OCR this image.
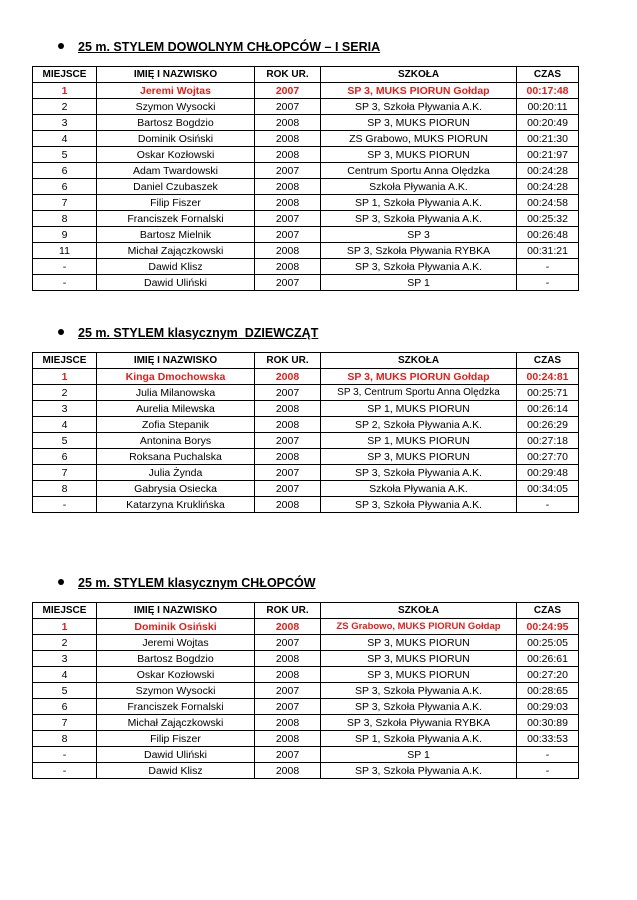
25 m. STYLEM DOWOLNYM CHŁOPCÓW – I SERIA
MIEJSCE	IMIĘ I NAZWISKO	ROK UR.	SZKOŁA	CZAS
1	Jeremi Wojtas	2007	SP 3, MUKS PIORUN Gołdap	00:17:48
2	Szymon Wysocki	2007	SP 3, Szkoła Pływania A.K.	00:20:11
3	Bartosz Bogdzio	2008	SP 3, MUKS PIORUN	00:20:49
4	Dominik Osiński	2008	ZS Grabowo, MUKS PIORUN	00:21:30
5	Oskar Kozłowski	2008	SP 3, MUKS PIORUN	00:21:97
6	Adam Twardowski	2007	Centrum Sportu Anna Olędzka	00:24:28
6	Daniel Czubaszek	2008	Szkoła Pływania A.K.	00:24:28
7	Filip Fiszer	2008	SP 1, Szkoła Pływania A.K.	00:24:58
8	Franciszek Fornalski	2007	SP 3, Szkoła Pływania A.K.	00:25:32
9	Bartosz Mielnik	2007	SP 3	00:26:48
11	Michał Zajączkowski	2008	SP 3, Szkoła Pływania RYBKA	00:31:21
-	Dawid Klisz	2008	SP 3, Szkoła Pływania A.K.	-
-	Dawid Uliński	2007	SP 1	-
25 m. STYLEM klasycznym  DZIEWCZĄT
MIEJSCE	IMIĘ I NAZWISKO	ROK UR.	SZKOŁA	CZAS
1	Kinga Dmochowska	2008	SP 3, MUKS PIORUN Gołdap	00:24:81
2	Julia Milanowska	2007	SP 3, Centrum Sportu Anna Olędzka	00:25:71
3	Aurelia Milewska	2008	SP 1, MUKS PIORUN	00:26:14
4	Zofia Stepanik	2008	SP 2, Szkoła Pływania A.K.	00:26:29
5	Antonina Borys	2007	SP 1, MUKS PIORUN	00:27:18
6	Roksana Puchalska	2008	SP 3, MUKS PIORUN	00:27:70
7	Julia Żynda	2007	SP 3, Szkoła Pływania A.K.	00:29:48
8	Gabrysia Osiecka	2007	Szkoła Pływania A.K.	00:34:05
-	Katarzyna Kruklińska	2008	SP 3, Szkoła Pływania A.K.	-
25 m. STYLEM klasycznym CHŁOPCÓW
MIEJSCE	IMIĘ I NAZWISKO	ROK UR.	SZKOŁA	CZAS
1	Dominik Osiński	2008	ZS Grabowo, MUKS PIORUN Gołdap	00:24:95
2	Jeremi Wojtas	2007	SP 3, MUKS PIORUN	00:25:05
3	Bartosz Bogdzio	2008	SP 3, MUKS PIORUN	00:26:61
4	Oskar Kozłowski	2008	SP 3, MUKS PIORUN	00:27:20
5	Szymon Wysocki	2007	SP 3, Szkoła Pływania A.K.	00:28:65
6	Franciszek Fornalski	2007	SP 3, Szkoła Pływania A.K.	00:29:03
7	Michał Zajączkowski	2008	SP 3, Szkoła Pływania RYBKA	00:30:89
8	Filip Fiszer	2008	SP 1, Szkoła Pływania A.K.	00:33:53
-	Dawid Uliński	2007	SP 1	-
-	Dawid Klisz	2008	SP 3, Szkoła Pływania A.K.	-
